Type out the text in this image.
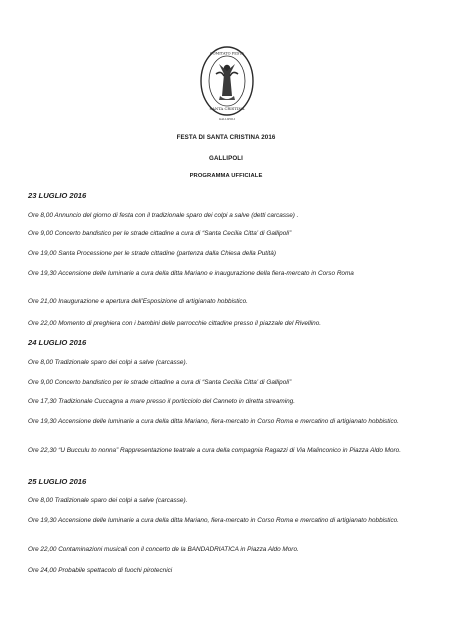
COMITATO FESTA
SANTA CRISTINA
GALLIPOLI
FESTA DI SANTA CRISTINA 2016
GALLIPOLI
PROGRAMMA UFFICIALE
23 LUGLIO 2016
Ore 8,00 Annuncio del giorno di festa con il tradizionale sparo dei colpi a salve (detti carcasse) .
Ore 9,00 Concerto bandistico per le strade cittadine a cura di “Santa Cecilia Citta’ di Gallipoli”
Ore 19,00 Santa Processione per le strade cittadine (partenza dalla Chiesa della Putità)
Ore 19,30 Accensione delle luminarie a cura della ditta Mariano e inaugurazione della fiera-mercato in Corso Roma
Ore 21,00 Inaugurazione e apertura dell’Esposizione di artigianato hobbistico.
Ore 22,00 Momento di preghiera con i bambini delle parrocchie cittadine presso il piazzale del Rivellino.
24 LUGLIO 2016
Ore 8,00 Tradizionale sparo dei colpi a salve (carcasse).
Ore 9,00 Concerto bandistico per le strade cittadine a cura di “Santa Cecilia Citta’ di Gallipoli”
Ore 17,30 Tradizionale Cuccagna a mare presso il porticciolo del Canneto in diretta streaming.
Ore 19,30 Accensione delle luminarie a cura della ditta Mariano, fiera-mercato in Corso Roma e mercatino di artigianato hobbistico.
Ore 22,30 “U Bucculu to nonna” Rappresentazione teatrale a cura della compagnia Ragazzi di Via Malinconico in Piazza Aldo Moro.
25 LUGLIO 2016
Ore 8,00 Tradizionale sparo dei colpi a salve (carcasse).
Ore 19,30 Accensione delle luminarie a cura della ditta Mariano, fiera-mercato in Corso Roma e mercatino di artigianato hobbistico.
Ore 22,00 Contaminazioni musicali con il concerto de la BANDADRIATICA in Piazza Aldo Moro.
Ore 24,00 Probabile spettacolo di fuochi pirotecnici
